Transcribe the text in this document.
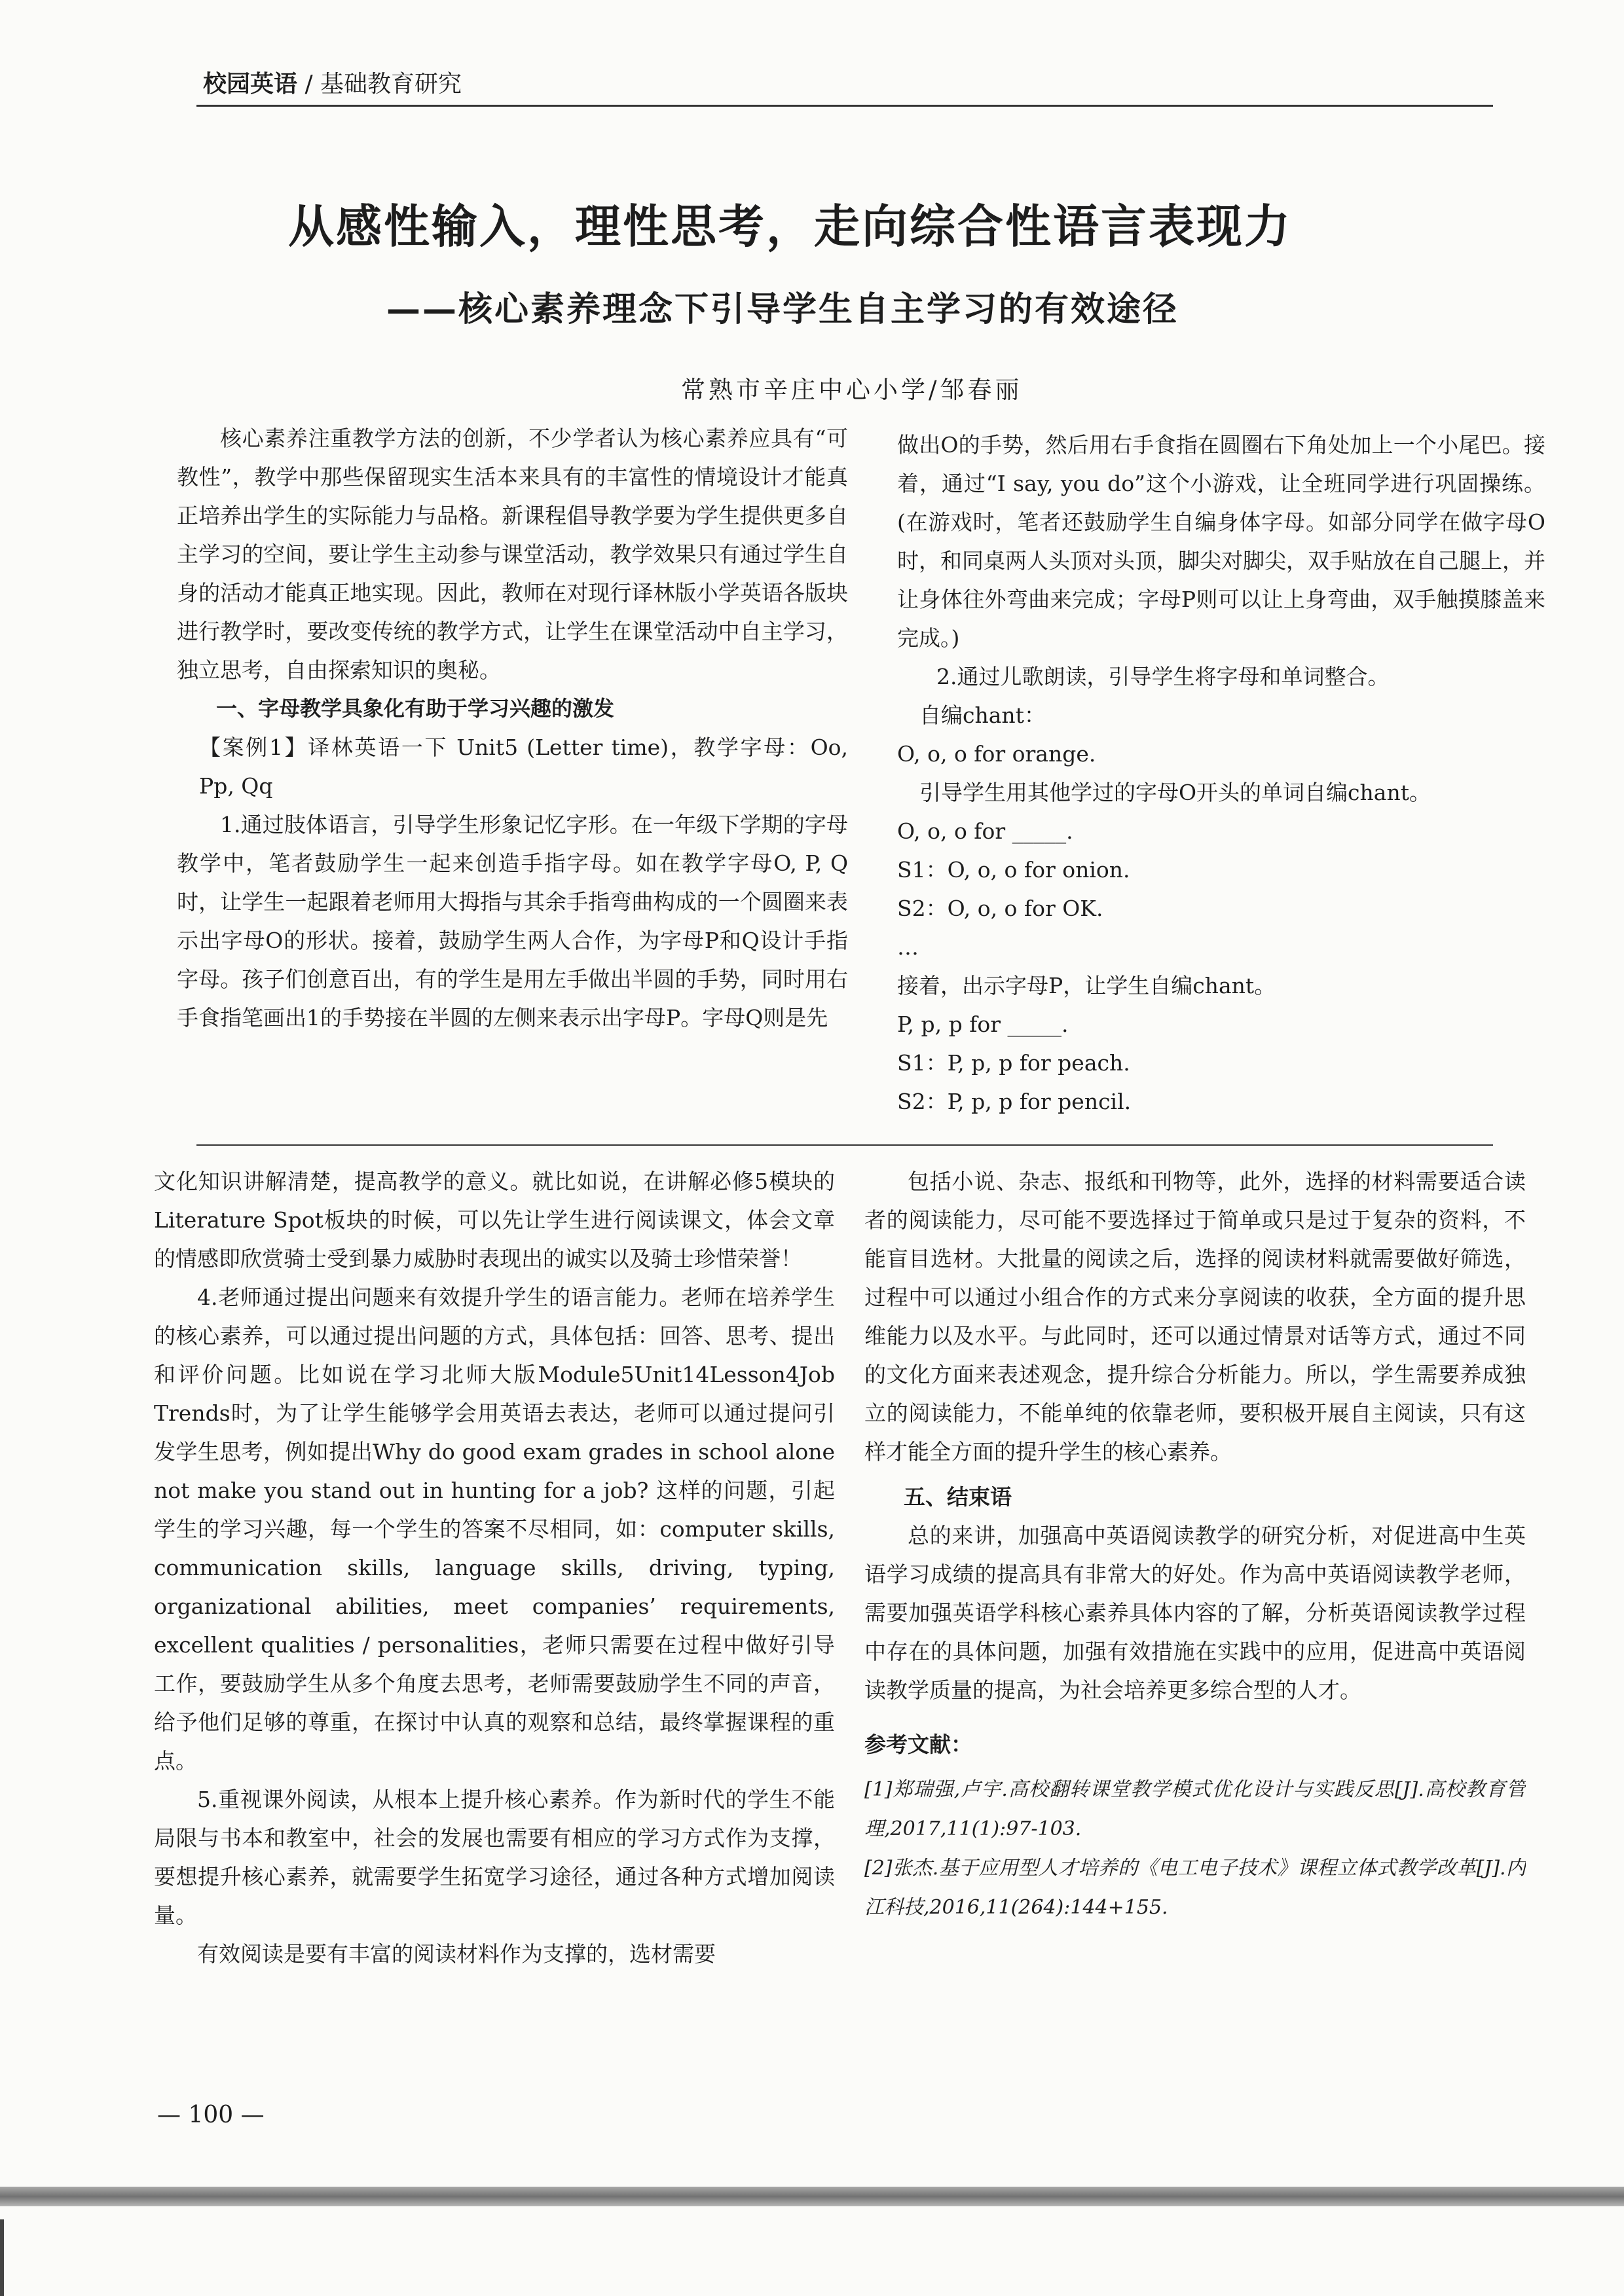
校园英语 / 基础教育研究
从感性输入，理性思考，走向综合性语言表现力
——核心素养理念下引导学生自主学习的有效途径
常熟市辛庄中心小学/邹春丽

核心素养注重教学方法的创新，不少学者认为核心素养应具有“可教性”，教学中那些保留现实生活本来具有的丰富性的情境设计才能真正培养出学生的实际能力与品格。新课程倡导教学要为学生提供更多自主学习的空间，要让学生主动参与课堂活动，教学效果只有通过学生自身的活动才能真正地实现。因此，教师在对现行译林版小学英语各版块进行教学时，要改变传统的教学方式，让学生在课堂活动中自主学习，独立思考，自由探索知识的奥秘。

一、字母教学具象化有助于学习兴趣的激发

【案例1】译林英语一下 Unit5 (Letter time)，教学字母：Oo, Pp, Qq

1.通过肢体语言，引导学生形象记忆字形。在一年级下学期的字母教学中，笔者鼓励学生一起来创造手指字母。如在教学字母O, P, Q时，让学生一起跟着老师用大拇指与其余手指弯曲构成的一个圆圈来表示出字母O的形状。接着，鼓励学生两人合作，为字母P和Q设计手指字母。孩子们创意百出，有的学生是用左手做出半圆的手势，同时用右手食指笔画出1的手势接在半圆的左侧来表示出字母P。字母Q则是先

做出O的手势，然后用右手食指在圆圈右下角处加上一个小尾巴。接着，通过“I say, you do”这个小游戏，让全班同学进行巩固操练。(在游戏时，笔者还鼓励学生自编身体字母。如部分同学在做字母O时，和同桌两人头顶对头顶，脚尖对脚尖，双手贴放在自己腿上，并让身体往外弯曲来完成；字母P则可以让上身弯曲，双手触摸膝盖来完成。)

2.通过儿歌朗读，引导学生将字母和单词整合。

自编chant：

O, o, o for orange.

引导学生用其他学过的字母O开头的单词自编chant。

O, o, o for _____.

S1：O, o, o for onion.

S2：O, o, o for OK.

…

接着，出示字母P，让学生自编chant。

P, p, p for _____.

S1：P, p, p for peach.

S2：P, p, p for pencil.

文化知识讲解清楚，提高教学的意义。就比如说，在讲解必修5模块的Literature Spot板块的时候，可以先让学生进行阅读课文，体会文章的情感即欣赏骑士受到暴力威胁时表现出的诚实以及骑士珍惜荣誉！

4.老师通过提出问题来有效提升学生的语言能力。老师在培养学生的核心素养，可以通过提出问题的方式，具体包括：回答、思考、提出和评价问题。比如说在学习北师大版Module5Unit14Lesson4Job Trends时，为了让学生能够学会用英语去表达，老师可以通过提问引发学生思考，例如提出Why do good exam grades in school alone not make you stand out in hunting for a job? 这样的问题，引起学生的学习兴趣，每一个学生的答案不尽相同，如：computer skills, communication skills, language skills, driving, typing, organizational abilities, meet companies’ requirements, excellent qualities / personalities，老师只需要在过程中做好引导工作，要鼓励学生从多个角度去思考，老师需要鼓励学生不同的声音，给予他们足够的尊重，在探讨中认真的观察和总结，最终掌握课程的重点。

5.重视课外阅读，从根本上提升核心素养。作为新时代的学生不能局限与书本和教室中，社会的发展也需要有相应的学习方式作为支撑，要想提升核心素养，就需要学生拓宽学习途径，通过各种方式增加阅读量。

有效阅读是要有丰富的阅读材料作为支撑的，选材需要

包括小说、杂志、报纸和刊物等，此外，选择的材料需要适合读者的阅读能力，尽可能不要选择过于简单或只是过于复杂的资料，不能盲目选材。大批量的阅读之后，选择的阅读材料就需要做好筛选，过程中可以通过小组合作的方式来分享阅读的收获，全方面的提升思维能力以及水平。与此同时，还可以通过情景对话等方式，通过不同的文化方面来表述观念，提升综合分析能力。所以，学生需要养成独立的阅读能力，不能单纯的依靠老师，要积极开展自主阅读，只有这样才能全方面的提升学生的核心素养。

五、结束语

总的来讲，加强高中英语阅读教学的研究分析，对促进高中生英语学习成绩的提高具有非常大的好处。作为高中英语阅读教学老师，需要加强英语学科核心素养具体内容的了解，分析英语阅读教学过程中存在的具体问题，加强有效措施在实践中的应用，促进高中英语阅读教学质量的提高，为社会培养更多综合型的人才。

参考文献：

[1]郑瑞强,卢宇.高校翻转课堂教学模式优化设计与实践反思[J].高校教育管理,2017,11(1):97-103.

[2]张杰.基于应用型人才培养的《电工电子技术》课程立体式教学改革[J].内江科技,2016,11(264):144+155.

— 100 —
